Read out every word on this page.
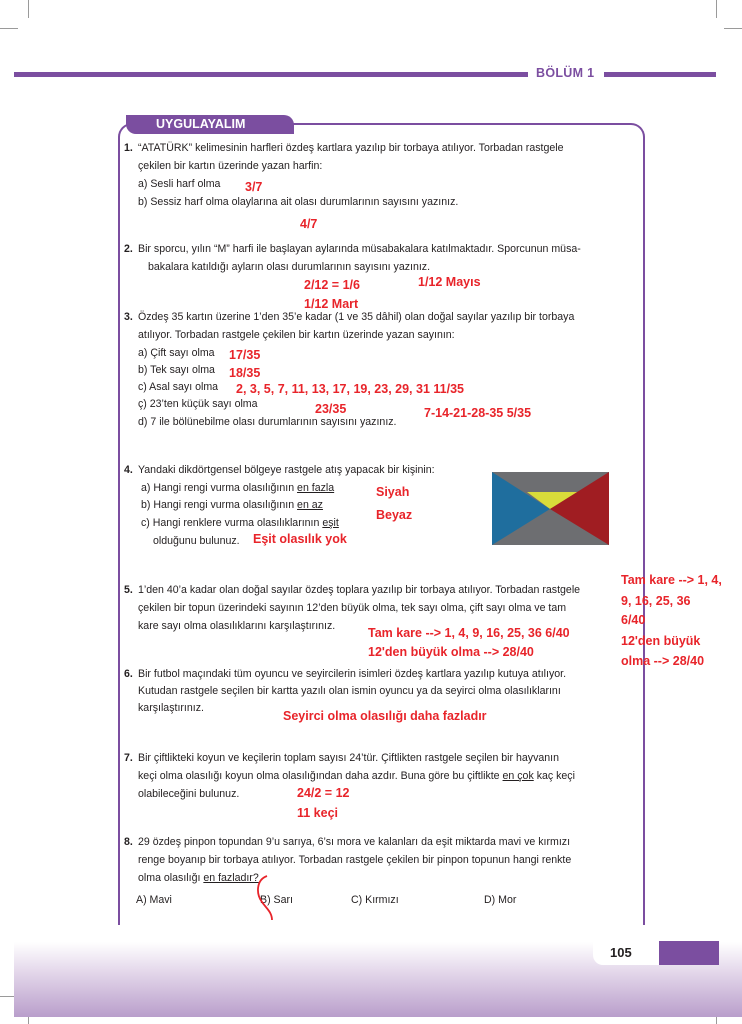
BÖLÜM 1
UYGULAYALIM
1. “ATATÜRK” kelimesinin harfleri özdeş kartlara yazılıp bir torbaya atılıyor. Torbadan rastgele
çekilen bir kartın üzerinde yazan harfin:
a) Sesli harf olma
b) Sessiz harf olma olaylarına ait olası durumlarının sayısını yazınız.
3/7
4/7
2. Bir sporcu, yılın “M” harfi ile başlayan aylarında müsabakalara katılmaktadır. Sporcunun müsa-
bakalara katıldığı ayların olası durumlarının sayısını yazınız.
2/12 = 1/6	1/12 Mayıs
1/12 Mart
3. Özdeş 35 kartın üzerine 1’den 35’e kadar (1 ve 35 dâhil) olan doğal sayılar yazılıp bir torbaya
atılıyor. Torbadan rastgele çekilen bir kartın üzerinde yazan sayının:
a) Çift sayı olma
b) Tek sayı olma
c) Asal sayı olma
ç) 23’ten küçük sayı olma
d) 7 ile bölünebilme olası durumlarının sayısını yazınız.
17/35
18/35
2, 3, 5, 7, 11, 13, 17, 19, 23, 29, 31 11/35
23/35	7-14-21-28-35 5/35
4. Yandaki dikdörtgensel bölgeye rastgele atış yapacak bir kişinin:
a) Hangi rengi vurma olasılığının en fazla
b) Hangi rengi vurma olasılığının en az
c) Hangi renklere vurma olasılıklarının eşit
olduğunu bulunuz.
Siyah
Beyaz
Eşit olasılık yok
5. 1’den 40’a kadar olan doğal sayılar özdeş toplara yazılıp bir torbaya atılıyor. Torbadan rastgele
çekilen bir topun üzerindeki sayının 12’den büyük olma, tek sayı olma, çift sayı olma ve tam
kare sayı olma olasılıklarını karşılaştırınız.	Tam kare --> 1, 4, 9, 16, 25, 36 6/40
12'den büyük olma --> 28/40
Tam kare --> 1, 4,
9, 16, 25, 36
6/40
12'den büyük
olma --> 28/40
6. Bir futbol maçındaki tüm oyuncu ve seyircilerin isimleri özdeş kartlara yazılıp kutuya atılıyor.
Kutudan rastgele seçilen bir kartta yazılı olan ismin oyuncu ya da seyirci olma olasılıklarını
karşılaştırınız.
Seyirci olma olasılığı daha fazladır
7. Bir çiftlikteki koyun ve keçilerin toplam sayısı 24’tür. Çiftlikten rastgele seçilen bir hayvanın
keçi olma olasılığı koyun olma olasılığından daha azdır. Buna göre bu çiftlikte en çok kaç keçi
olabileceğini bulunuz.	24/2 = 12
11 keçi
8. 29 özdeş pinpon topundan 9’u sarıya, 6’sı mora ve kalanları da eşit miktarda mavi ve kırmızı
renge boyanıp bir torbaya atılıyor. Torbadan rastgele çekilen bir pinpon topunun hangi renkte
olma olasılığı en fazladır?
A) Mavi	B) Sarı	C) Kırmızı	D) Mor
105
